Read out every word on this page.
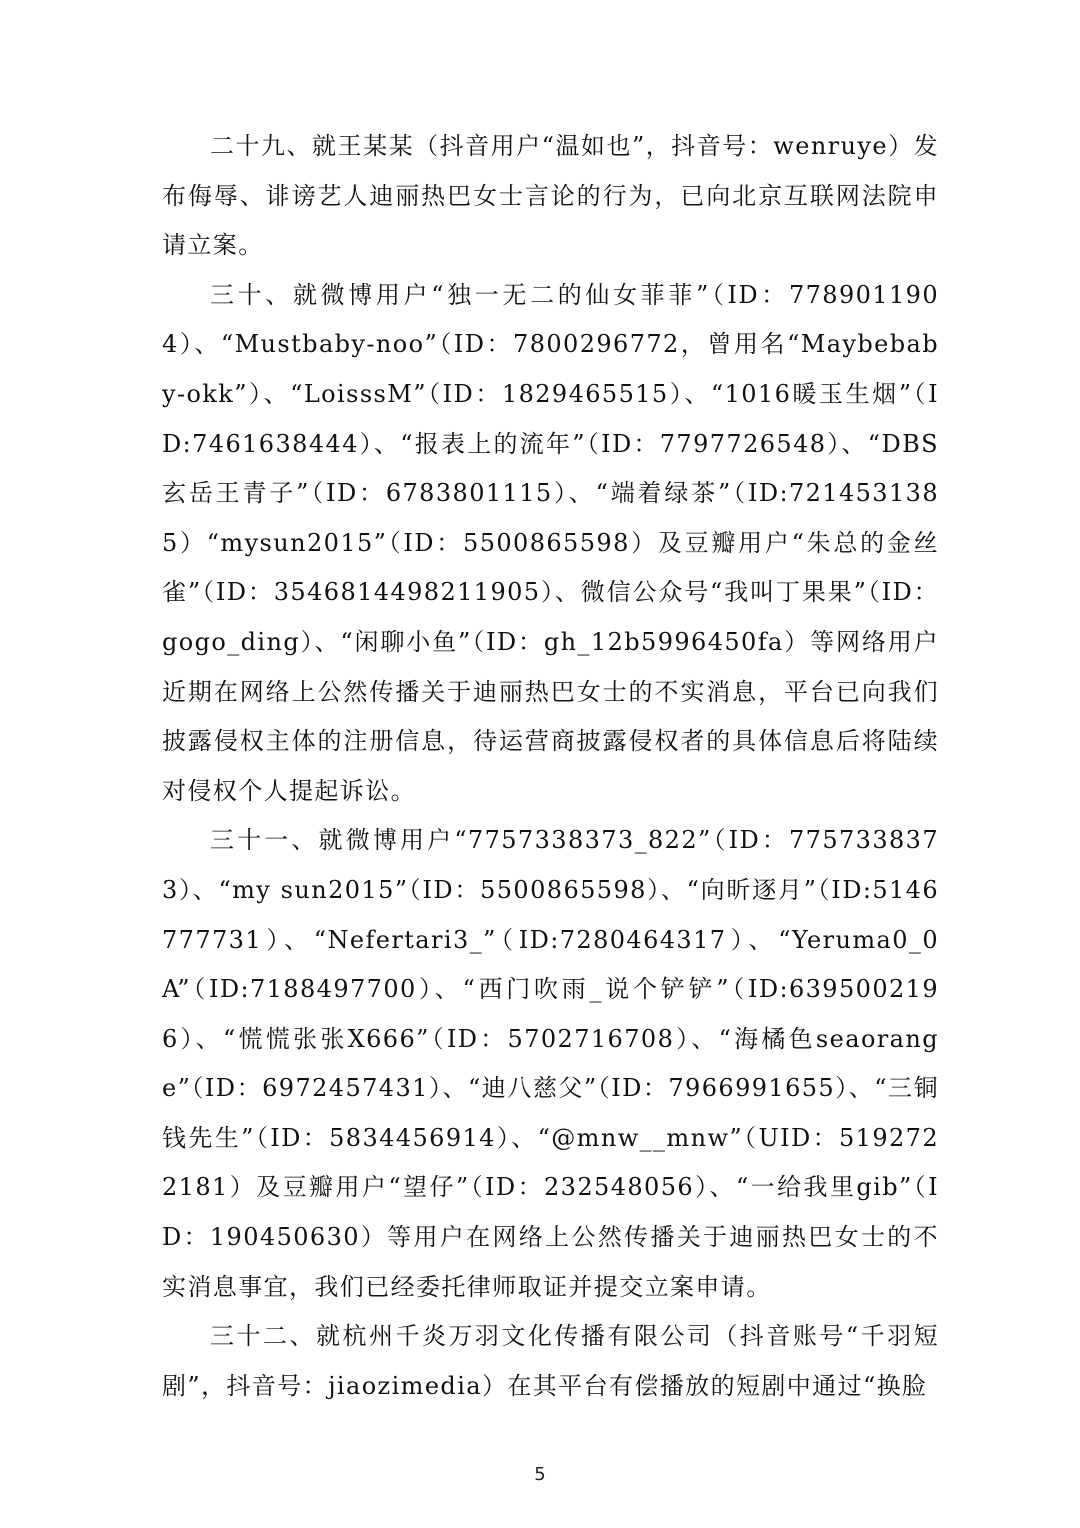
二十九、就王某某（抖音用户“温如也”，抖音号：wenruye）发布侮辱、诽谤艺人迪丽热巴女士言论的行为，已向北京互联网法院申请立案。

三十、就微博用户“独一无二的仙女菲菲”（ID：7789011904）、“Mustbaby-noo”（ID：7800296772，曾用名“Maybebaby-okk”）、“LoisssM”（ID：1829465515）、“1016暖玉生烟”（ID:7461638444）、“报表上的流年”（ID：7797726548）、“DBS玄岳王青子”（ID：6783801115）、“端着绿茶”（ID:7214531385）“mysun2015”（ID：5500865598）及豆瓣用户“朱总的金丝雀”（ID：3546814498211905）、微信公众号“我叫丁果果”（ID：gogo_ding）、“闲聊小鱼”（ID：gh_12b5996450fa）等网络用户近期在网络上公然传播关于迪丽热巴女士的不实消息，平台已向我们披露侵权主体的注册信息，待运营商披露侵权者的具体信息后将陆续对侵权个人提起诉讼。

三十一、就微博用户“7757338373_822”（ID：7757338373）、“my sun2015”（ID：5500865598）、“向昕逐月”（ID:5146777731）、“Nefertari3_”（ID:7280464317）、“Yeruma0_0A”（ID:7188497700）、“西门吹雨_说个铲铲”（ID:6395002196）、“慌慌张张X666”（ID：5702716708）、“海橘色seaorange”（ID：6972457431）、“迪八慈父”（ID：7966991655）、“三铜钱先生”（ID：5834456914）、“@mnw__mnw”（UID：5192722181）及豆瓣用户“望仔”（ID：232548056）、“一给我里gib”（ID：190450630）等用户在网络上公然传播关于迪丽热巴女士的不实消息事宜，我们已经委托律师取证并提交立案申请。

三十二、就杭州千炎万羽文化传播有限公司（抖音账号“千羽短剧”，抖音号：jiaozimedia）在其平台有偿播放的短剧中通过“换脸

5
